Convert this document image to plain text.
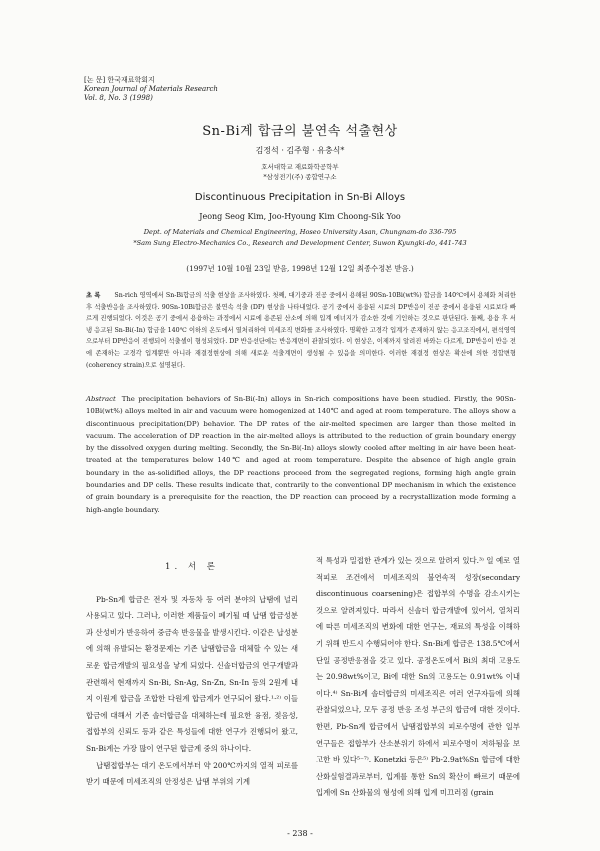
[논 문] 한국재료학회지
Korean Journal of Materials Research
Vol. 8, No. 3 (1998)
Sn-Bi계 합금의 불연속 석출현상
김정석 · 김주형 · 유충식*
호서대학교 재료화학공학부
*삼성전기(주) 종합연구소
Discontinuous Precipitation in Sn-Bi Alloys
Jeong Seog Kim, Joo-Hyoung Kim Choong-Sik Yoo
Dept. of Materials and Chemical Engineering, Hoseo University Asan, Chungnam-do 336-795
*Sam Sung Electro-Mechanics Co., Research and Development Center, Suwon Kyungki-do, 441-743
(1997년 10월 10월 23일 받음, 1998년 12월 12일 최종수정본 받음.)
초 록 Sn-rich 영역에서 Sn-Bi합금의 석출 현상을 조사하였다. 첫째, 대기중과 진공 중에서 용해된 90Sn-10Bi(wt%) 합금을 140℃에서 용체화 처리한 후 석출반응을 조사하였다. 90Sn-10Bi합금은 불연속 석출 (DP) 현상을 나타내었다. 공기 중에서 용융된 시료의 DP반응이 진공 중에서 용융된 시료보다 빠르게 진행되었다. 이것은 공기 중에서 용융하는 과정에서 시료에 용존된 산소에 의해 입계 에너지가 감소한 것에 기인하는 것으로 판단된다. 둘째, 용융 후 서냉 응고된 Sn-Bi(-In) 합금을 140℃ 이하의 온도에서 열처리하여 미세조직 변화를 조사하였다. 명확한 고경각 입계가 존재하지 않는 응고조직에서, 편석영역으로부터 DP반응이 진행되어 석출셀이 형성되었다. DP 반응선단에는 반응계면이 관찰되었다. 이 현상은, 이제까지 알려진 바와는 다르게, DP반응이 반응 전에 존재하는 고경각 입계뿐만 아니라 재결정현상에 의해 새로운 석출계면이 생성될 수 있음을 의미한다. 이러한 재결정 현상은 확산에 의한 정합변형(coherency strain)으로 설명된다.
Abstract The precipitation behaviors of Sn-Bi(-In) alloys in Sn-rich compositions have been studied. Firstly, the 90Sn-10Bi(wt%) alloys melted in air and vacuum were homogenized at 140℃ and aged at room temperature. The alloys show a discontinuous precipitation(DP) behavior. The DP rates of the air-melted specimen are larger than those melted in vacuum. The acceleration of DP reaction in the air-melted alloys is attributed to the reduction of grain boundary energy by the dissolved oxygen during melting. Secondly, the Sn-Bi(-In) alloys slowly cooled after melting in air have been heat-treated at the temperatures below 140℃ and aged at room temperature. Despite the absence of high angle grain boundary in the as-solidified alloys, the DP reactions proceed from the segregated regions, forming high angle grain boundaries and DP cells. These results indicate that, contrarily to the conventional DP mechanism in which the existence of grain boundary is a prerequisite for the reaction, the DP reaction can proceed by a recrystallization mode forming a high-angle boundary.
1. 서 론

Pb-Sn계 합금은 전자 및 자동차 등 여러 분야의 납땜에 널리 사용되고 있다. 그러나, 이러한 제품들이 폐기될 때 납땜 합금성분과 산성비가 반응하여 중금속 반응물을 발생시킨다. 이같은 납성분에 의해 유발되는 환경문제는 기존 납땜합금을 대체할 수 있는 새로운 합금개발의 필요성을 낳게 되었다. 신솔더합금의 연구개발과 관련해서 현재까지 Sn-Bi, Sn-Ag, Sn-Zn, Sn-In 등의 2원계 내지 이원계 합금을 조합한 다원계 합금계가 연구되어 왔다.¹·²⁾ 이들 합금에 대해서 기존 솔더합금을 대체하는데 필요한 융점, 젖음성, 접합부의 신뢰도 등과 같은 특성들에 대한 연구가 진행되어 왔고, Sn-Bi계는 가장 많이 연구된 합금계 중의 하나이다.

납땜접합부는 대기 온도에서부터 약 200℃까지의 열적 피로를 받기 때문에 미세조직의 안정성은 납땜 부위의 기계

적 특성과 밀접한 관계가 있는 것으로 알려져 있다.³⁾ 일 예로 열적피로 조건에서 미세조직의 불연속적 성장(secondary discontinuous coarsening)은 접합부의 수명을 감소시키는 것으로 알려져있다. 따라서 신솔더 합금개발에 있어서, 열처리에 따른 미세조직의 변화에 대한 연구는, 재료의 특성을 이해하기 위해 반드시 수행되어야 한다. Sn-Bi계 합금은 138.5℃에서 단일 공정반응점을 갖고 있다. 공정온도에서 Bi의 최대 고용도는 20.98wt%이고, Bi에 대한 Sn의 고용도는 0.91wt% 이내이다.⁴⁾ Sn-Bi계 솔더합금의 미세조직은 여러 연구자들에 의해 관찰되었으나, 모두 공정 반응 조성 부근의 합금에 대한 것이다. 한편, Pb-Sn계 합금에서 납땜접합부의 피로수명에 관한 일부 연구들은 접합부가 산소분위기 하에서 피로수명이 저하됨을 보고한 바 있다⁵⁻⁷⁾. Konetzki 등은⁵⁾ Pb-2.9at%Sn 합금에 대한 산화실험결과로부터, 입계를 통한 Sn의 확산이 빠르기 때문에 입계에 Sn 산화물의 형성에 의해 입계 미끄러짐 (grain

- 238 -
